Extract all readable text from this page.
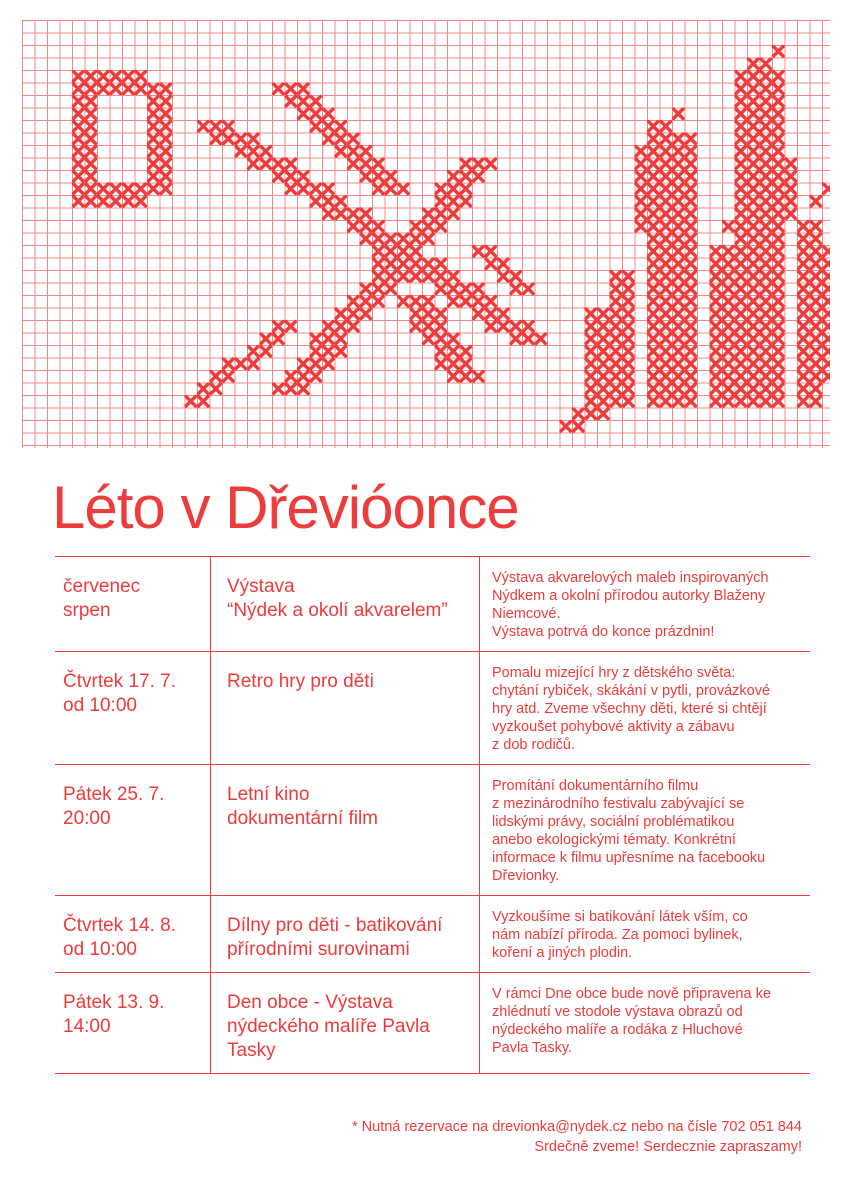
Léto v Dřevióonce
červenec
srpen
Výstava
“Nýdek a okolí akvarelem”
Výstava akvarelových maleb inspirovaných
Nýdkem a okolní přírodou autorky Blaženy
Niemcové.
Výstava potrvá do konce prázdnin!
Čtvrtek 17. 7.
od 10:00
Retro hry pro děti	Pomalu mizející hry z dětského světa:
chytání rybiček, skákání v pytli, provázkové
hry atd. Zveme všechny děti, které si chtějí
vyzkoušet pohybové aktivity a zábavu
z dob rodičů.
Pátek 25. 7.
20:00
Letní kino
dokumentární film
Promítání dokumentárního filmu
z mezinárodního festivalu zabývající se
lidskými právy, sociální problématikou
anebo ekologickými tématy. Konkrétní
informace k filmu upřesníme na facebooku
Dřevionky.
Čtvrtek 14. 8.
od 10:00
Dílny pro děti - batikování
přírodními surovinami
Vyzkoušíme si batikování látek vším, co
nám nabízí příroda. Za pomoci bylinek,
koření a jiných plodin.
Pátek 13. 9.
14:00
Den obce - Výstava
nýdeckého malíře Pavla
Tasky
V rámci Dne obce bude nově připravena ke
zhlédnutí ve stodole výstava obrazů od
nýdeckého malíře a rodáka z Hluchové
Pavla Tasky.
* Nutná rezervace na drevionka@nydek.cz nebo na čísle 702 051 844
Srdečně zveme! Serdecznie zapraszamy!
